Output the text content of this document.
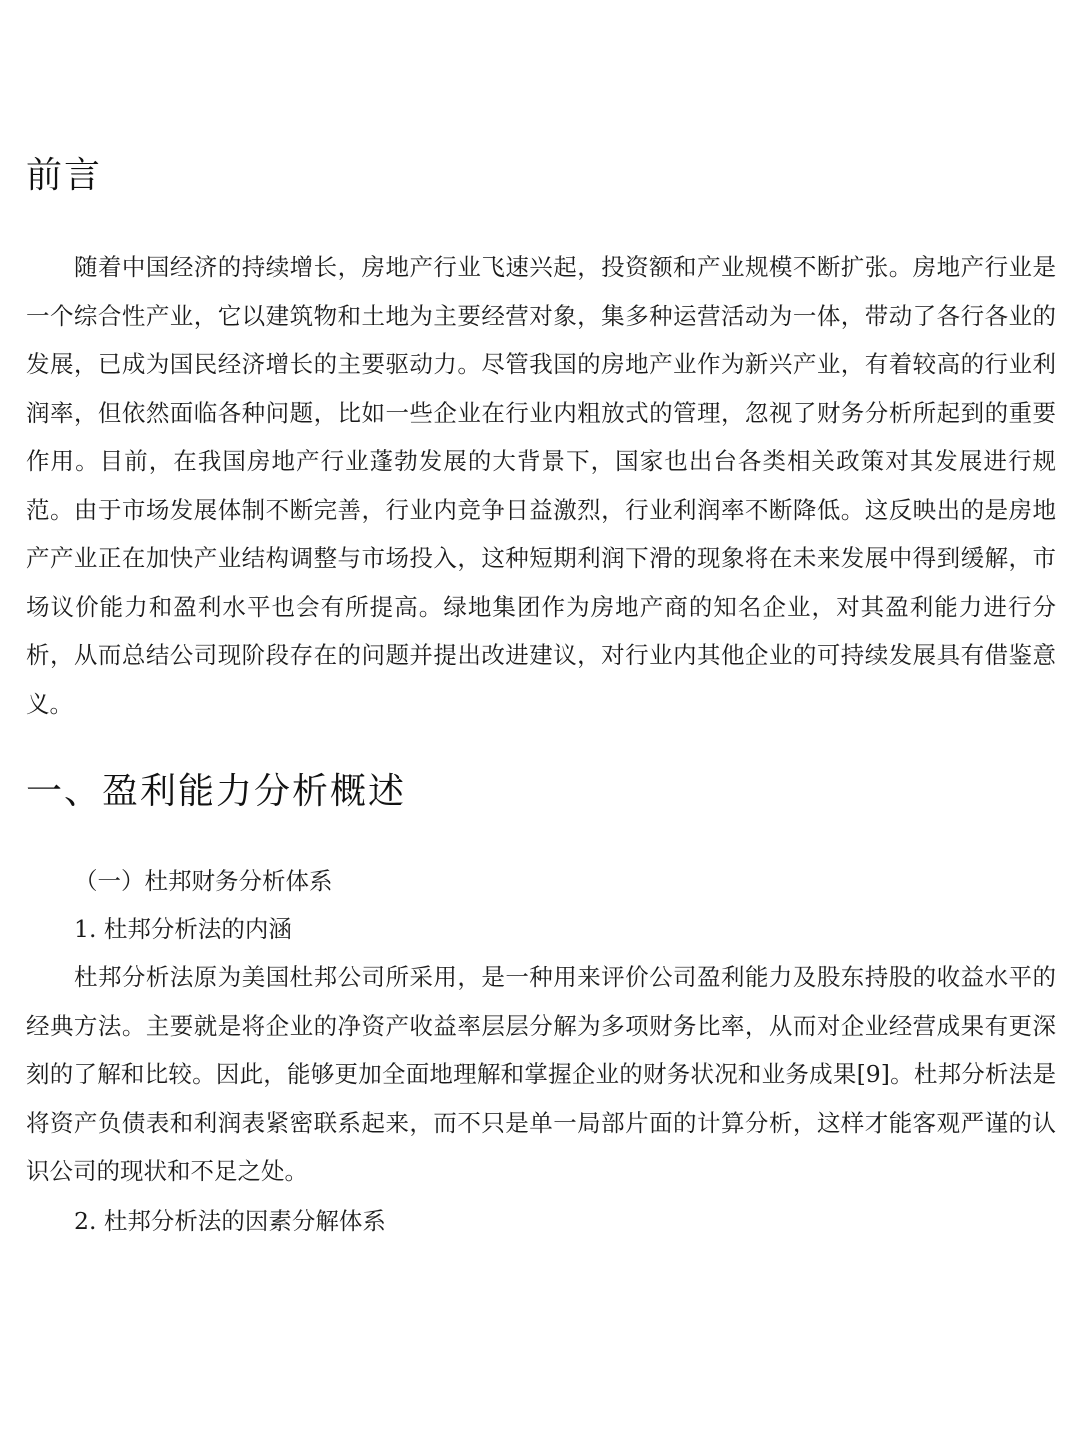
前言

随着中国经济的持续增长，房地产行业飞速兴起，投资额和产业规模不断扩张。房地产行业是一个综合性产业，它以建筑物和土地为主要经营对象，集多种运营活动为一体，带动了各行各业的发展，已成为国民经济增长的主要驱动力。尽管我国的房地产业作为新兴产业，有着较高的行业利润率，但依然面临各种问题，比如一些企业在行业内粗放式的管理，忽视了财务分析所起到的重要作用。目前，在我国房地产行业蓬勃发展的大背景下，国家也出台各类相关政策对其发展进行规范。由于市场发展体制不断完善，行业内竞争日益激烈，行业利润率不断降低。这反映出的是房地产产业正在加快产业结构调整与市场投入，这种短期利润下滑的现象将在未来发展中得到缓解，市场议价能力和盈利水平也会有所提高。绿地集团作为房地产商的知名企业，对其盈利能力进行分析，从而总结公司现阶段存在的问题并提出改进建议，对行业内其他企业的可持续发展具有借鉴意义。

一、盈利能力分析概述

（一）杜邦财务分析体系

1. 杜邦分析法的内涵

杜邦分析法原为美国杜邦公司所采用，是一种用来评价公司盈利能力及股东持股的收益水平的经典方法。主要就是将企业的净资产收益率层层分解为多项财务比率，从而对企业经营成果有更深刻的了解和比较。因此，能够更加全面地理解和掌握企业的财务状况和业务成果[9]。杜邦分析法是将资产负债表和利润表紧密联系起来，而不只是单一局部片面的计算分析，这样才能客观严谨的认识公司的现状和不足之处。

2. 杜邦分析法的因素分解体系
